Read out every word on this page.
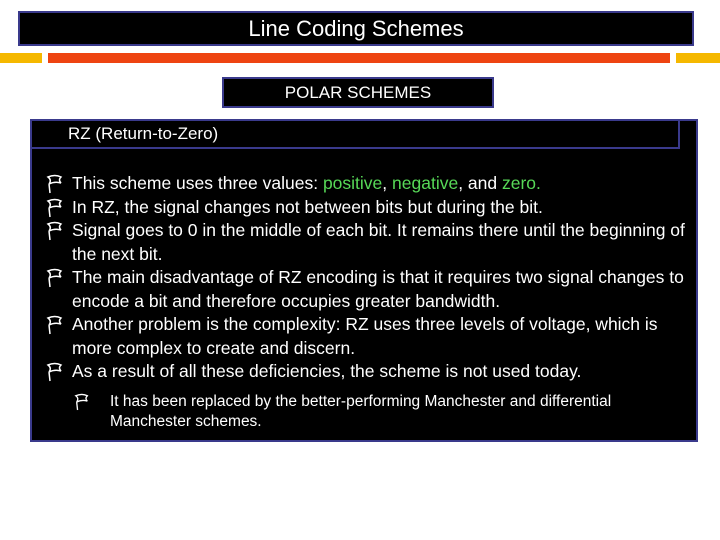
Line Coding Schemes
POLAR SCHEMES
RZ (Return-to-Zero)
This scheme uses three values: positive, negative, and zero.
In RZ, the signal changes not between bits but during the bit.
Signal goes to 0 in the middle of each bit. It remains there until the beginning of the next bit.
The main disadvantage of RZ encoding is that it requires two signal changes to encode a bit and therefore occupies greater bandwidth.
Another problem is the complexity: RZ uses three levels of voltage, which is more complex to create and discern.
As a result of all these deficiencies, the scheme is not used today.
It has been replaced by the better-performing Manchester and differential Manchester schemes.
